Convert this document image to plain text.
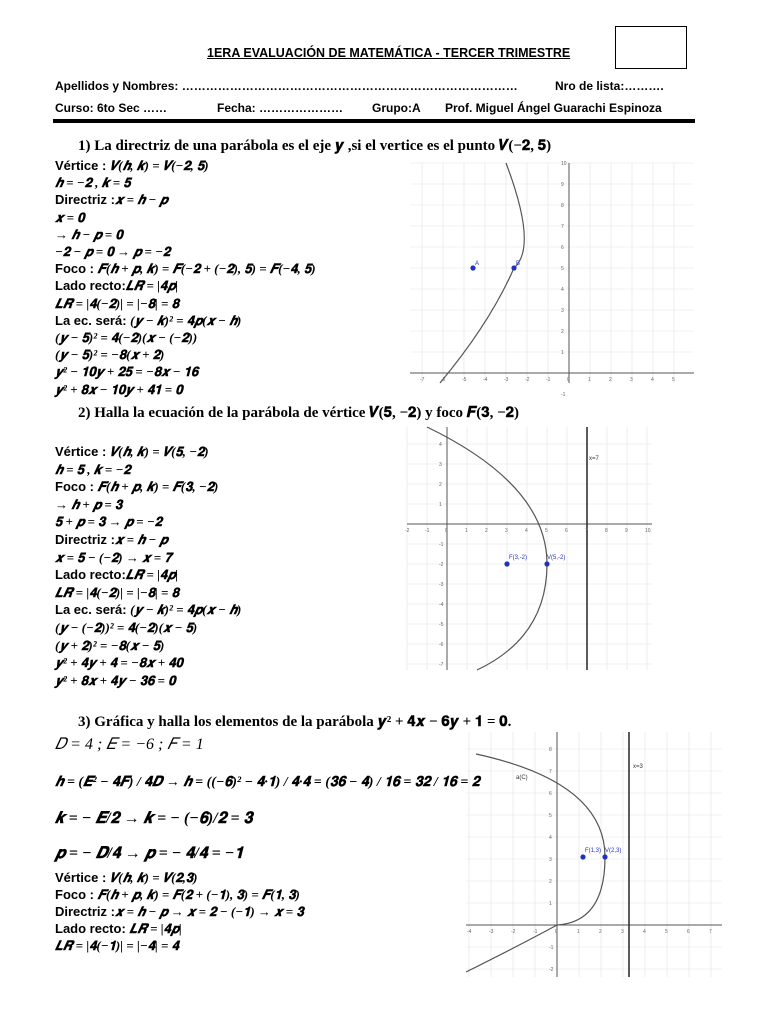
1ERA EVALUACIÓN DE MATEMÁTICA - TERCER TRIMESTRE
Apellidos y Nombres: …………………………………………………………………………	Nro de lista:……….
Curso: 6to Sec ……	Fecha: ………………… Grupo:A Prof. Miguel Ángel Guarachi Espinoza
1) La directriz de una parábola es el eje 𝒚 ,si el vertice es el punto 𝑽(−𝟐, 𝟓)
Vértice : 𝑽(𝒉, 𝒌) = 𝑽(−𝟐, 𝟓)
𝒉 = −𝟐 , 𝒌 = 𝟓
Directriz :𝒙 = 𝒉 − 𝒑
𝒙 = 𝟎
→ 𝒉 − 𝒑 = 𝟎
−𝟐 − 𝒑 = 𝟎 → 𝒑 = −𝟐
Foco : 𝑭(𝒉 + 𝒑, 𝒌) = 𝑭(−𝟐 + (−𝟐), 𝟓) = 𝑭(−𝟒, 𝟓)
Lado recto:𝑳𝑹 = |𝟒𝒑|
𝑳𝑹 = |𝟒(−𝟐)| = |−𝟖| = 𝟖
La ec. será: (𝒚 − 𝒌)² = 𝟒𝒑(𝒙 − 𝒉)
(𝒚 − 𝟓)² = 𝟒(−𝟐)(𝒙 − (−𝟐))
(𝒚 − 𝟓)² = −𝟖(𝒙 + 𝟐)
𝒚² − 𝟏𝟎𝒚 + 𝟐𝟓 = −𝟖𝒙 − 𝟏𝟔
𝒚² + 𝟖𝒙 − 𝟏𝟎𝒚 + 𝟒𝟏 = 𝟎
-7	-6	-5	-4	-3	-2	-1	0	1	2	3	4	5
10
9
8
7
6
5
4
3
2
1
-1
A	B
2) Halla la ecuación de la parábola de vértice 𝑽(𝟓, −𝟐) y foco 𝑭(𝟑, −𝟐)
Vértice : 𝑽(𝒉, 𝒌) = 𝑽(𝟓, −𝟐)
𝒉 = 𝟓 , 𝒌 = −𝟐
Foco : 𝑭(𝒉 + 𝒑, 𝒌) = 𝑭(𝟑, −𝟐)
→ 𝒉 + 𝒑 = 𝟑
𝟓 + 𝒑 = 𝟑 → 𝒑 = −𝟐
Directriz :𝒙 = 𝒉 − 𝒑
𝒙 = 𝟓 − (−𝟐) → 𝒙 = 𝟕
Lado recto:𝑳𝑹 = |𝟒𝒑|
𝑳𝑹 = |𝟒(−𝟐)| = |−𝟖| = 𝟖
La ec. será: (𝒚 − 𝒌)² = 𝟒𝒑(𝒙 − 𝒉)
(𝒚 − (−𝟐))² = 𝟒(−𝟐)(𝒙 − 𝟓)
(𝒚 + 𝟐)² = −𝟖(𝒙 − 𝟓)
𝒚² + 𝟒𝒚 + 𝟒 = −𝟖𝒙 + 𝟒𝟎
𝒚² + 𝟖𝒙 + 𝟒𝒚 − 𝟑𝟔 = 𝟎
x=7
-2	-1	0	1	2	3	4	5	6	7	8	9	10
4
3
2
1
-1
-2
-3
-4
-5
-6
-7
F(3,-2)	V(5,-2)
3) Gráfica y halla los elementos de la parábola 𝒚² + 𝟒𝒙 − 𝟔𝒚 + 𝟏 = 𝟎.
𝐷 = 4 ; 𝐸 = −6 ; 𝐹 = 1
𝒉 = (𝑬² − 𝟒𝑭) / 𝟒𝑫 → 𝒉 = ((−𝟔)² − 𝟒·𝟏) / 𝟒·𝟒 = (𝟑𝟔 − 𝟒) / 𝟏𝟔 = 𝟑𝟐 / 𝟏𝟔 = 𝟐
𝒌 = − 𝑬/𝟐 → 𝒌 = − (−𝟔)/𝟐 = 𝟑
𝒑 = − 𝑫/𝟒 → 𝒑 = − 𝟒/𝟒 = −𝟏
Vértice : 𝑽(𝒉, 𝒌) = 𝑽(𝟐,𝟑)
Foco : 𝑭(𝒉 + 𝒑, 𝒌) = 𝑭(𝟐 + (−𝟏), 𝟑) = 𝑭(𝟏, 𝟑)
Directriz :𝒙 = 𝒉 − 𝒑 → 𝒙 = 𝟐 − (−𝟏) → 𝒙 = 𝟑
Lado recto: 𝑳𝑹 = |𝟒𝒑|
𝑳𝑹 = |𝟒(−𝟏)| = |−𝟒| = 𝟒
x=3
a(C)
-4	-3	-2	-1	0	1	2	3	4	5	6	7
8
7
6
5
4
3
2
1
-1
-2
F(1,3) V(2,3)
